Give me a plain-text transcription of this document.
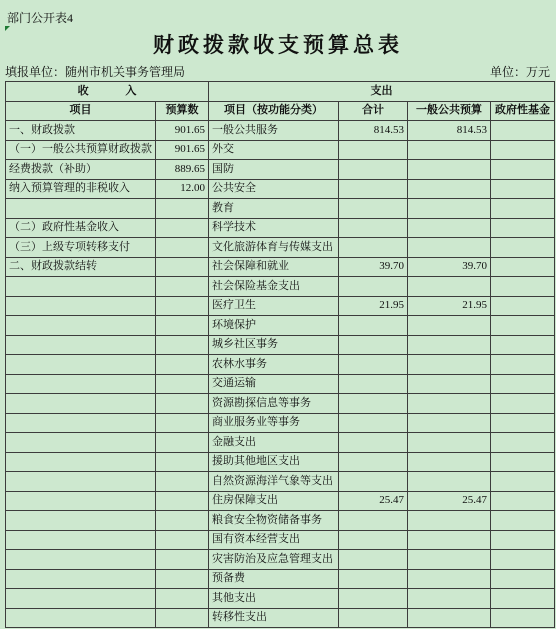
部门公开表4
财政拨款收支预算总表
填报单位：随州市机关事务管理局	单位：万元
收 入		支出			
项目	预算数	项目（按功能分类）	合计	一般公共预算	政府性基金
一、财政拨款	901.65	一般公共服务	814.53	814.53	
（一）一般公共预算财政拨款	901.65	外交			
经费拨款（补助）	889.65	国防			
纳入预算管理的非税收入	12.00	公共安全			
		教育			
（二）政府性基金收入		科学技术			
（三）上级专项转移支付		文化旅游体育与传媒支出			
二、财政拨款结转		社会保障和就业	39.70	39.70	
		社会保险基金支出			
		医疗卫生	21.95	21.95	
		环境保护			
		城乡社区事务			
		农林水事务			
		交通运输			
		资源勘探信息等事务			
		商业服务业等事务			
		金融支出			
		援助其他地区支出			
		自然资源海洋气象等支出			
		住房保障支出	25.47	25.47	
		粮食安全物资储备事务			
		国有资本经营支出			
		灾害防治及应急管理支出			
		预备费			
		其他支出			
		转移性支出			
